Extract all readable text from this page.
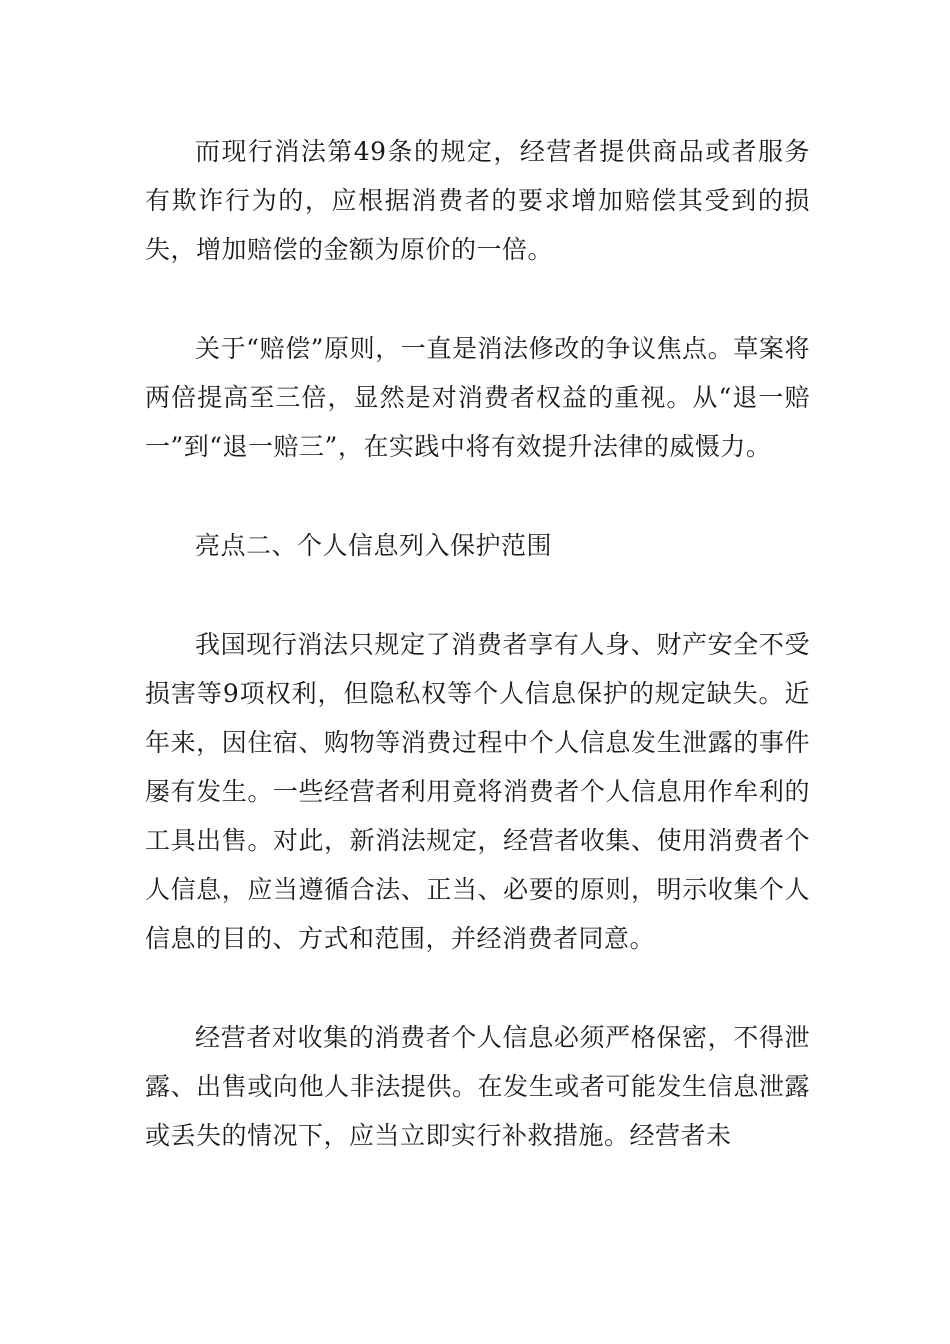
而现行消法第49条的规定，经营者提供商品或者服务有欺诈行为的，应根据消费者的要求增加赔偿其受到的损失，增加赔偿的金额为原价的一倍。

关于“赔偿”原则，一直是消法修改的争议焦点。草案将两倍提高至三倍，显然是对消费者权益的重视。从“退一赔一”到“退一赔三”，在实践中将有效提升法律的威慑力。

亮点二、个人信息列入保护范围

我国现行消法只规定了消费者享有人身、财产安全不受损害等9项权利，但隐私权等个人信息保护的规定缺失。近年来，因住宿、购物等消费过程中个人信息发生泄露的事件屡有发生。一些经营者利用竟将消费者个人信息用作牟利的工具出售。对此，新消法规定，经营者收集、使用消费者个人信息，应当遵循合法、正当、必要的原则，明示收集个人信息的目的、方式和范围，并经消费者同意。

经营者对收集的消费者个人信息必须严格保密，不得泄露、出售或向他人非法提供。在发生或者可能发生信息泄露或丢失的情况下，应当立即实行补救措施。经营者未
